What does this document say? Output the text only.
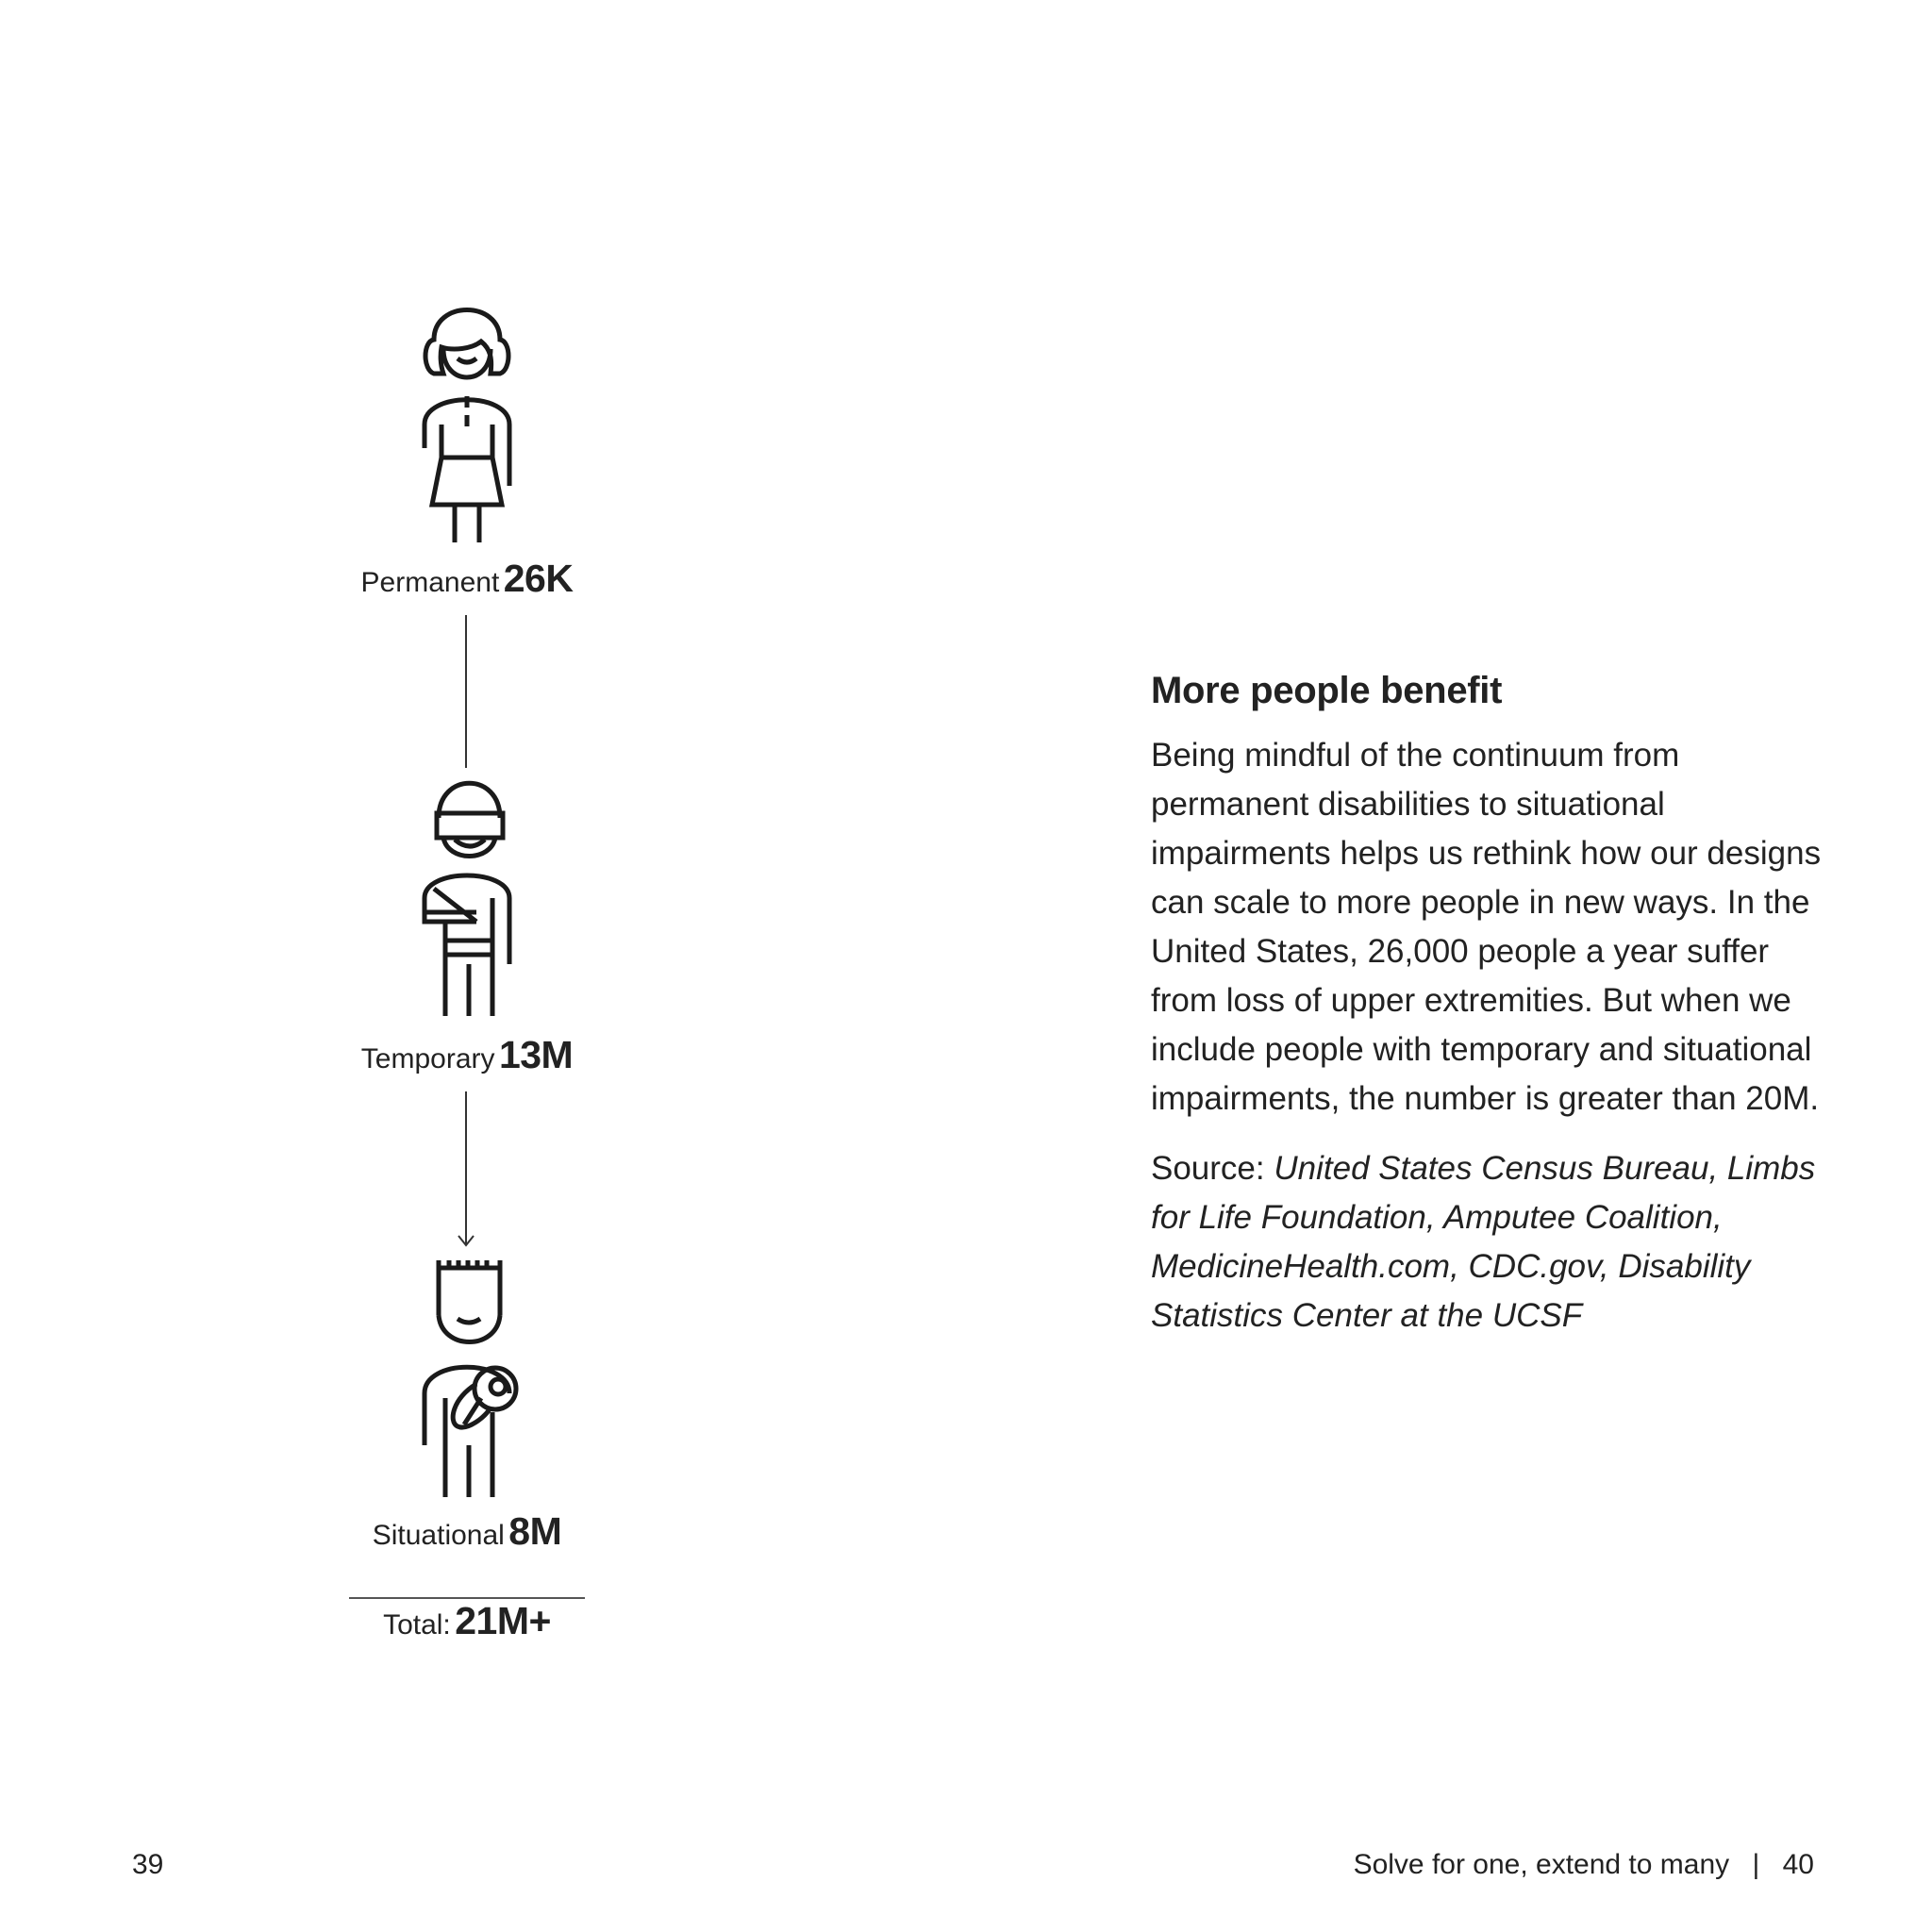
Permanent 26K
Temporary 13M
Situational 8M
Total: 21M+
More people benefit

Being mindful of the continuum from permanent disabilities to situational impairments helps us rethink how our designs can scale to more people in new ways. In the United States, 26,000 people a year suffer from loss of upper extremities. But when we include people with temporary and situational impairments, the number is greater than 20M.

Source: United States Census Bureau, Limbs for Life Foundation, Amputee Coalition, MedicineHealth.com, CDC.gov, Disability Statistics Center at the UCSF

39	Solve for one, extend to many | 40
